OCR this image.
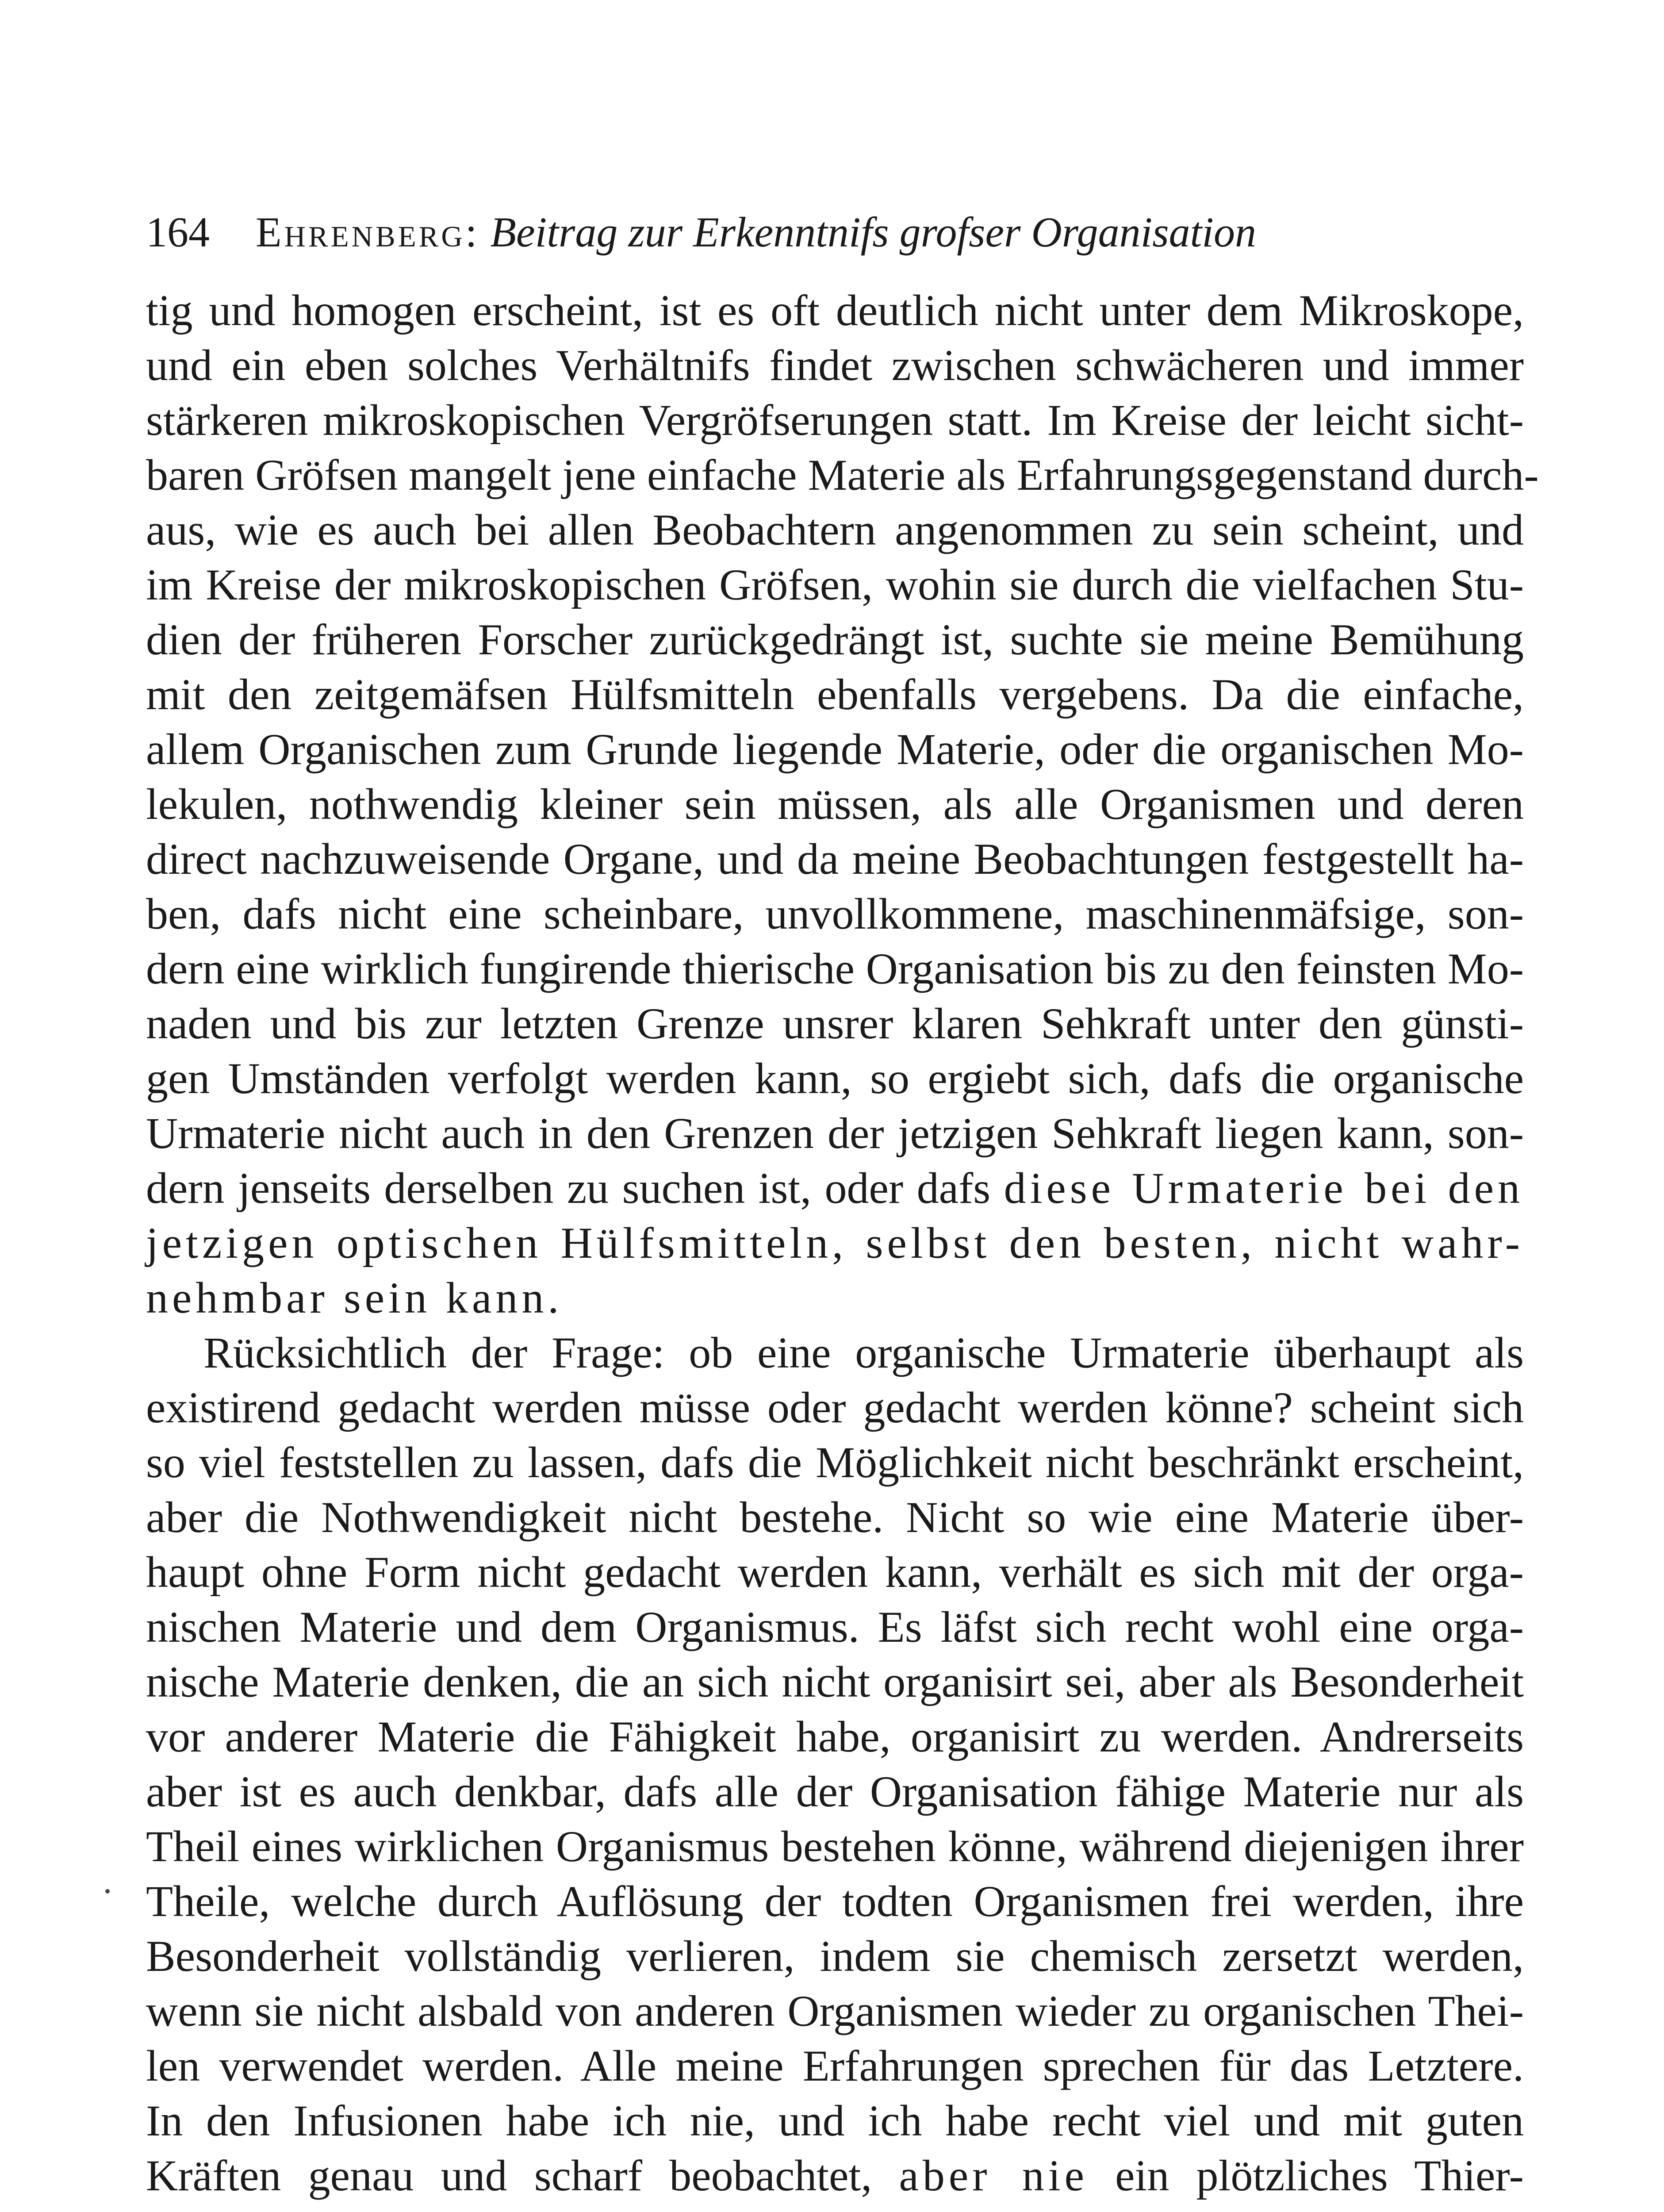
164 Ehrenberg: Beitrag zur Erkenntnifs grofser Organisation
tig und homogen erscheint, ist es oft deutlich nicht unter dem Mikroskope,
und ein eben solches Verhältnifs findet zwischen schwächeren und immer
stärkeren mikroskopischen Vergröfserungen statt. Im Kreise der leicht sicht-
baren Gröfsen mangelt jene einfache Materie als Erfahrungsgegenstand durch-
aus, wie es auch bei allen Beobachtern angenommen zu sein scheint, und
im Kreise der mikroskopischen Gröfsen, wohin sie durch die vielfachen Stu-
dien der früheren Forscher zurückgedrängt ist, suchte sie meine Bemühung
mit den zeitgemäfsen Hülfsmitteln ebenfalls vergebens. Da die einfache,
allem Organischen zum Grunde liegende Materie, oder die organischen Mo-
lekulen, nothwendig kleiner sein müssen, als alle Organismen und deren
direct nachzuweisende Organe, und da meine Beobachtungen festgestellt ha-
ben, dafs nicht eine scheinbare, unvollkommene, maschinenmäfsige, son-
dern eine wirklich fungirende thierische Organisation bis zu den feinsten Mo-
naden und bis zur letzten Grenze unsrer klaren Sehkraft unter den günsti-
gen Umständen verfolgt werden kann, so ergiebt sich, dafs die organische
Urmaterie nicht auch in den Grenzen der jetzigen Sehkraft liegen kann, son-
dern jenseits derselben zu suchen ist, oder dafs diese Urmaterie bei den
jetzigen optischen Hülfsmitteln, selbst den besten, nicht wahr-
nehmbar sein kann.
Rücksichtlich der Frage: ob eine organische Urmaterie überhaupt als
existirend gedacht werden müsse oder gedacht werden könne? scheint sich
so viel feststellen zu lassen, dafs die Möglichkeit nicht beschränkt erscheint,
aber die Nothwendigkeit nicht bestehe. Nicht so wie eine Materie über-
haupt ohne Form nicht gedacht werden kann, verhält es sich mit der orga-
nischen Materie und dem Organismus. Es läfst sich recht wohl eine orga-
nische Materie denken, die an sich nicht organisirt sei, aber als Besonderheit
vor anderer Materie die Fähigkeit habe, organisirt zu werden. Andrerseits
aber ist es auch denkbar, dafs alle der Organisation fähige Materie nur als
Theil eines wirklichen Organismus bestehen könne, während diejenigen ihrer
Theile, welche durch Auflösung der todten Organismen frei werden, ihre
Besonderheit vollständig verlieren, indem sie chemisch zersetzt werden,
wenn sie nicht alsbald von anderen Organismen wieder zu organischen Thei-
len verwendet werden. Alle meine Erfahrungen sprechen für das Letztere.
In den Infusionen habe ich nie, und ich habe recht viel und mit guten
Kräften genau und scharf beobachtet, aber nie ein plötzliches Thier-
